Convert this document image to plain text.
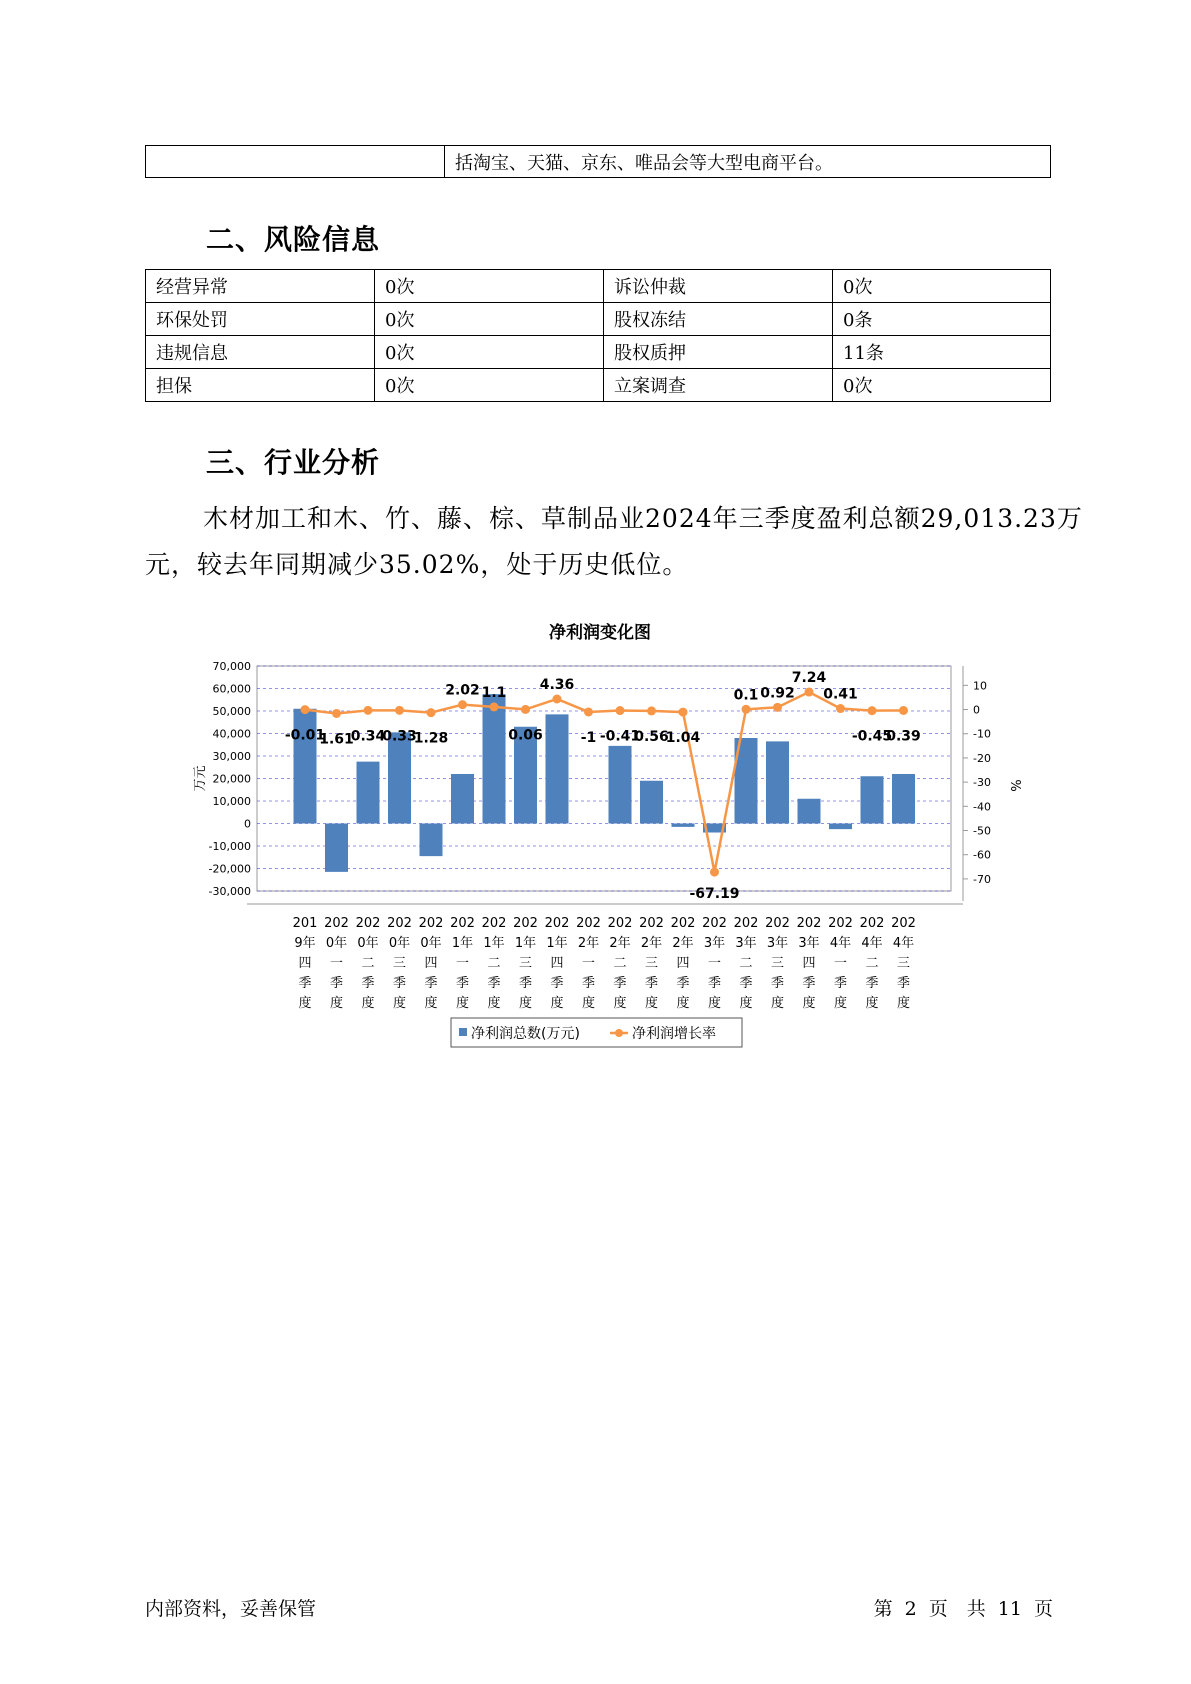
	括淘宝、天猫、京东、唯品会等大型电商平台。
二、风险信息
经营异常	0次	诉讼仲裁	0次
环保处罚	0次	股权冻结	0条
违规信息	0次	股权质押	11条
担保	0次	立案调查	0次
三、行业分析

木材加工和木、竹、藤、棕、草制品业2024年三季度盈利总额29,013.23万元，较去年同期减少35.02%，处于历史低位。

净利润变化图
70,000
60,000
50,000
40,000
30,000
20,000
10,000
0
-10,000
-20,000
-30,000
10
0
-10
-20
-30
-40
-50
-60
-70
万元	%
-0.01
1.61
0.34
0.33
1.28
2.02 1.1
0.06
4.36
-1 -0.41
0.56
1.04
-67.19
0.1 0.92
7.24
0.41
-0.45
0.39
201
9年
四
季
度
202
0年
一
季
度
202
0年
二
季
度
202
0年
三
季
度
202
0年
四
季
度
202
1年
一
季
度
202
1年
二
季
度
202
1年
三
季
度
202
1年
四
季
度
202
2年
一
季
度
202
2年
二
季
度
202
2年
三
季
度
202
2年
四
季
度
202
3年
一
季
度
202
3年
二
季
度
202
3年
三
季
度
202
3年
四
季
度
202
4年
一
季
度
202
4年
二
季
度
202
4年
三
季
度
净利润总数(万元)	净利润增长率
内部资料，妥善保管	第 2 页　共 11 页
